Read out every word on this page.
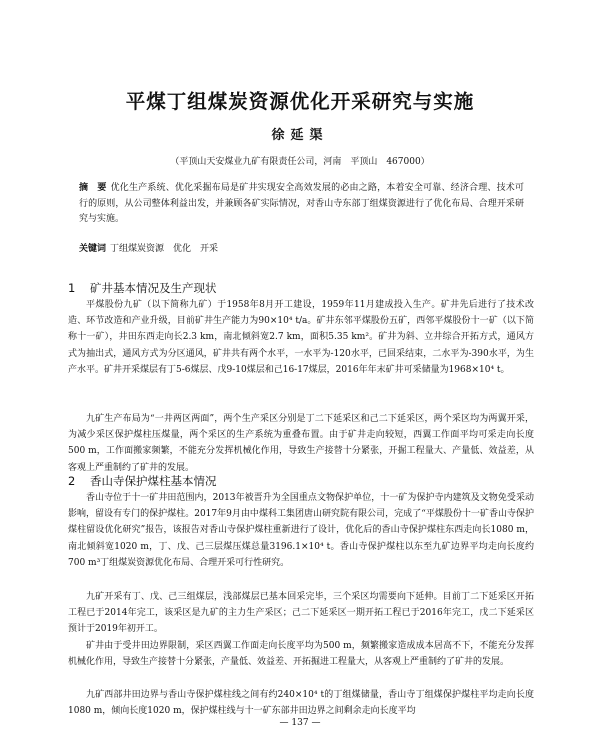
平煤丁组煤炭资源优化开采研究与实施
徐延渠
（平顶山天安煤业九矿有限责任公司，河南　平顶山　467000）
摘　要 优化生产系统、优化采掘布局是矿井实现安全高效发展的必由之路，本着安全可靠、经济合理、技术可行的原则，从公司整体利益出发，并兼顾各矿实际情况，对香山寺东部丁组煤资源进行了优化布局、合理开采研究与实施。
关键词 丁组煤炭资源　优化　开采
1 矿井基本情况及生产现状
平煤股份九矿（以下简称九矿）于1958年8月开工建设，1959年11月建成投入生产。矿井先后进行了技术改造、环节改造和产业升级，目前矿井生产能力为90×10⁴ t/a。矿井东邻平煤股份五矿，西邻平煤股份十一矿（以下简称十一矿），井田东西走向长2.3 km，南北倾斜宽2.7 km，面积5.35 km²。矿井为斜、立井综合开拓方式，通风方式为抽出式，通风方式为分区通风，矿井共有两个水平，一水平为-120水平，已回采结束，二水平为-390水平，为生产水平。矿井开采煤层有丁5-6煤层、戊9-10煤层和己16-17煤层，2016年年末矿井可采储量为1968×10⁴ t。
九矿生产布局为“一井两区两面”，两个生产采区分别是丁二下延采区和己二下延采区，两个采区均为两翼开采，为减少采区保护煤柱压煤量，两个采区的生产系统为重叠布置。由于矿井走向较短，西翼工作面平均可采走向长度500 m，工作面搬家频繁，不能充分发挥机械化作用，导致生产接替十分紧张，开掘工程量大、产量低、效益差，从客观上严重制约了矿井的发展。
2 香山寺保护煤柱基本情况
香山寺位于十一矿井田范围内，2013年被晋升为全国重点文物保护单位，十一矿为保护寺内建筑及文物免受采动影响，留设有专门的保护煤柱。2017年9月由中煤科工集团唐山研究院有限公司，完成了“平煤股份十一矿香山寺保护煤柱留设优化研究”报告，该报告对香山寺保护煤柱重新进行了设计，优化后的香山寺保护煤柱东西走向长1080 m，南北倾斜宽1020 m，丁、戊、己三层煤压煤总量3196.1×10⁴ t。香山寺保护煤柱以东至九矿边界平均走向长度约700 m³丁组煤炭资源优化布局、合理开采可行性研究。
九矿开采有丁、戊、己三组煤层，浅部煤层已基本回采完毕，三个采区均需要向下延伸。目前丁二下延采区开拓工程已于2014年完工，该采区是九矿的主力生产采区；己二下延采区一期开拓工程已于2016年完工，戊二下延采区预计于2019年初开工。
矿井由于受井田边界限制，采区西翼工作面走向长度平均为500 m，频繁搬家造成成本居高不下，不能充分发挥机械化作用，导致生产接替十分紧张，产量低、效益差、开拓掘进工程量大，从客观上严重制约了矿井的发展。
九矿西部井田边界与香山寺保护煤柱线之间有约240×10⁴ t的丁组煤储量，香山寺丁组煤保护煤柱平均走向长度1080 m，倾向长度1020 m，保护煤柱线与十一矿东部井田边界之间剩余走向长度平均
— 137 —
